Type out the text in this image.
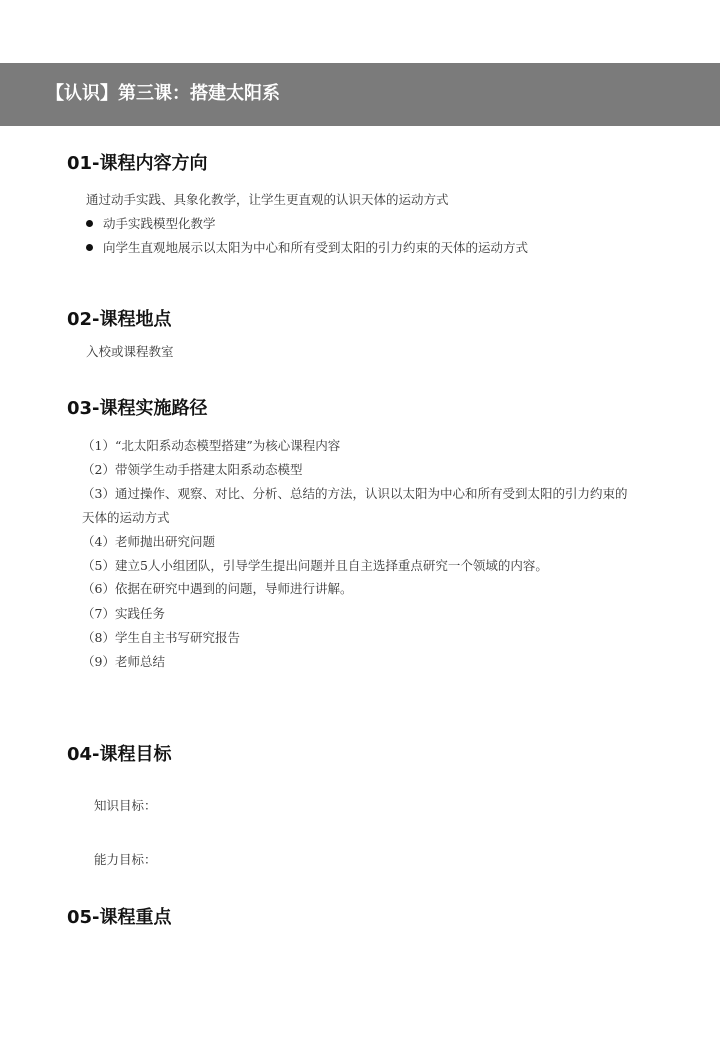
【认识】第三课：搭建太阳系
01-课程内容方向
通过动手实践、具象化教学，让学生更直观的认识天体的运动方式
动手实践模型化教学
向学生直观地展示以太阳为中心和所有受到太阳的引力约束的天体的运动方式
02-课程地点
入校或课程教室
03-课程实施路径
（1）“北太阳系动态模型搭建”为核心课程内容
（2）带领学生动手搭建太阳系动态模型
（3）通过操作、观察、对比、分析、总结的方法，认识以太阳为中心和所有受到太阳的引力约束的
天体的运动方式
（4）老师抛出研究问题
（5）建立5人小组团队，引导学生提出问题并且自主选择重点研究一个领域的内容。
（6）依据在研究中遇到的问题，导师进行讲解。
（7）实践任务
（8）学生自主书写研究报告
（9）老师总结
04-课程目标
知识目标：
能力目标：
05-课程重点
